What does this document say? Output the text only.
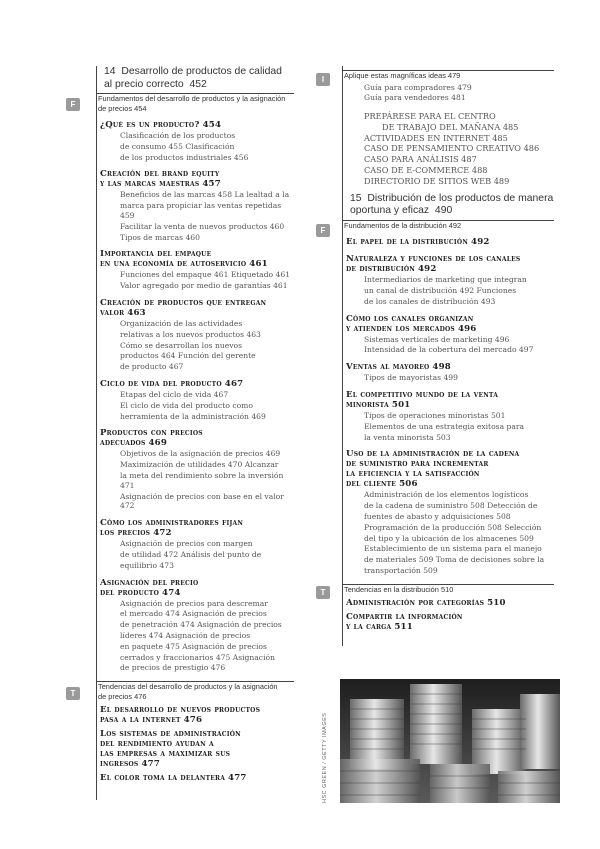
14 Desarrollo de productos de calidad
al precio correcto 452
F
Fundamentos del desarrollo de productos y la asignación
de precios 454
¿Qué es un producto? 454
Clasificación de los productos
de consumo 455 Clasificación
de los productos industriales 456
Creación del brand equity
y las marcas maestras 457
Beneficios de las marcas 458 La lealtad a la
marca para propiciar las ventas repetidas 459
Facilitar la venta de nuevos productos 460
Tipos de marcas 460
Importancia del empaque
en una economía de autoservicio 461
Funciones del empaque 461 Etiquetado 461
Valor agregado por medio de garantías 461
Creación de productos que entregan
valor 463
Organización de las actividades
relativas a los nuevos productos 463
Cómo se desarrollan los nuevos
productos 464 Función del gerente
de producto 467
Ciclo de vida del producto 467
Etapas del ciclo de vida 467
El ciclo de vida del producto como
herramienta de la administración 469
Productos con precios
adecuados 469
Objetivos de la asignación de precios 469
Maximización de utilidades 470 Alcanzar
la meta del rendimiento sobre la inversión 471
Asignación de precios con base en el valor 472
Cómo los administradores fijan
los precios 472
Asignación de precios con margen
de utilidad 472 Análisis del punto de
equilibrio 473
Asignación del precio
del producto 474
Asignación de precios para descremar
el mercado 474 Asignación de precios
de penetración 474 Asignación de precios
líderes 474 Asignación de precios
en paquete 475 Asignación de precios
cerrados y fraccionarios 475 Asignación
de precios de prestigio 476
T
Tendencias del desarrollo de productos y la asignación
de precios 476
El desarrollo de nuevos productos
pasa a la internet 476
Los sistemas de administración
del rendimiento ayudan a
las empresas a maximizar sus
ingresos 477
El color toma la delantera 477
I	Aplique estas magníficas ideas 479
Guía para compradores 479
Guía para vendedores 481
PREPÁRESE PARA EL CENTRO
DE TRABAJO DEL MAÑANA 485
ACTIVIDADES EN INTERNET 485
CASO DE PENSAMIENTO CREATIVO 486
CASO PARA ANÁLISIS 487
CASO DE E-COMMERCE 488
DIRECTORIO DE SITIOS WEB 489
15 Distribución de los productos de manera
oportuna y eficaz 490
F
Fundamentos de la distribución 492
El papel de la distribución 492
Naturaleza y funciones de los canales
de distribución 492
Intermediarios de marketing que integran
un canal de distribución 492 Funciones
de los canales de distribución 493
Cómo los canales organizan
y atienden los mercados 496
Sistemas verticales de marketing 496
Intensidad de la cobertura del mercado 497
Ventas al mayoreo 498
Tipos de mayoristas 499
El competitivo mundo de la venta
minorista 501
Tipos de operaciones minoristas 501
Elementos de una estrategia exitosa para
la venta minorista 503
Uso de la administración de la cadena
de suministro para incrementar
la eficiencia y la satisfacción
del cliente 506
Administración de los elementos logísticos
de la cadena de suministro 508 Detección de
fuentes de abasto y adquisiciones 508
Programación de la producción 508 Selección
del tipo y la ubicación de los almacenes 509
Establecimiento de un sistema para el manejo
de materiales 509 Toma de decisiones sobre la
transportación 509
T	Tendencias en la distribución 510
Administración por categorías 510
Compartir la información
y la carga 511
HSC GREEN / GETTY IMAGES
